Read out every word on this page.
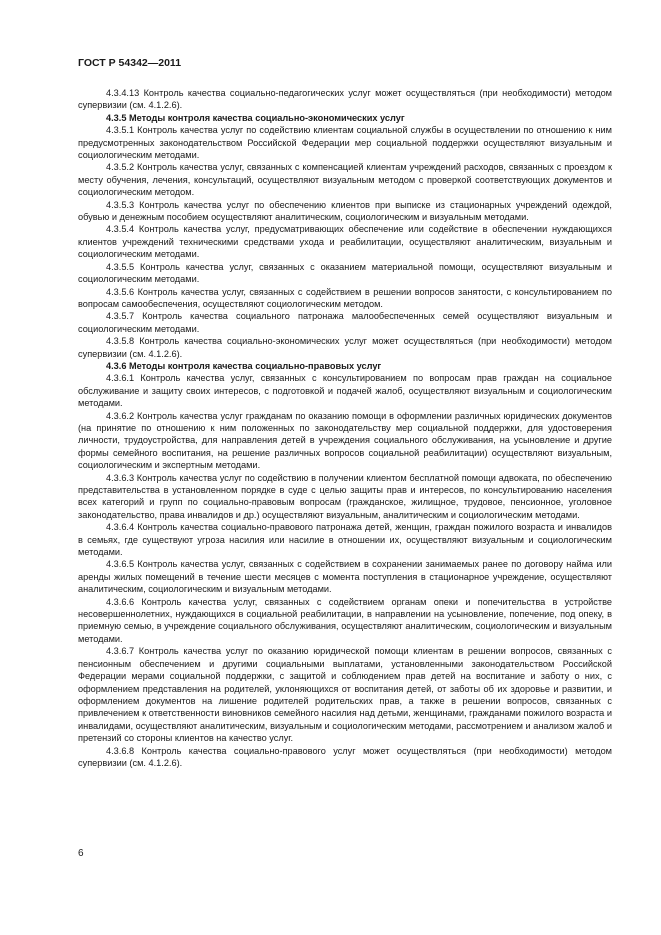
ГОСТ Р 54342—2011

4.3.4.13 Контроль качества социально-педагогических услуг может осуществляться (при необходимости) методом супервизии (см. 4.1.2.6).

4.3.5 Методы контроля качества социально-экономических услуг

4.3.5.1 Контроль качества услуг по содействию клиентам социальной службы в осуществлении по отношению к ним предусмотренных законодательством Российской Федерации мер социальной поддержки осуществляют визуальным и социологическим методами.

4.3.5.2 Контроль качества услуг, связанных с компенсацией клиентам учреждений расходов, связанных с проездом к месту обучения, лечения, консультаций, осуществляют визуальным методом с проверкой соответствующих документов и социологическим методом.

4.3.5.3 Контроль качества услуг по обеспечению клиентов при выписке из стационарных учреждений одеждой, обувью и денежным пособием осуществляют аналитическим, социологическим и визуальным методами.

4.3.5.4 Контроль качества услуг, предусматривающих обеспечение или содействие в обеспечении нуждающихся клиентов учреждений техническими средствами ухода и реабилитации, осуществляют аналитическим, визуальным и социологическим методами.

4.3.5.5 Контроль качества услуг, связанных с оказанием материальной помощи, осуществляют визуальным и социологическим методами.

4.3.5.6 Контроль качества услуг, связанных с содействием в решении вопросов занятости, с консультированием по вопросам самообеспечения, осуществляют социологическим методом.

4.3.5.7 Контроль качества социального патронажа малообеспеченных семей осуществляют визуальным и социологическим методами.

4.3.5.8 Контроль качества социально-экономических услуг может осуществляться (при необходимости) методом супервизии (см. 4.1.2.6).

4.3.6 Методы контроля качества социально-правовых услуг

4.3.6.1 Контроль качества услуг, связанных с консультированием по вопросам прав граждан на социальное обслуживание и защиту своих интересов, с подготовкой и подачей жалоб, осуществляют визуальным и социологическим методами.

4.3.6.2 Контроль качества услуг гражданам по оказанию помощи в оформлении различных юридических документов (на принятие по отношению к ним положенных по законодательству мер социальной поддержки, для удостоверения личности, трудоустройства, для направления детей в учреждения социального обслуживания, на усыновление и другие формы семейного воспитания, на решение различных вопросов социальной реабилитации) осуществляют визуальным, социологическим и экспертным методами.

4.3.6.3 Контроль качества услуг по содействию в получении клиентом бесплатной помощи адвоката, по обеспечению представительства в установленном порядке в суде с целью защиты прав и интересов, по консультированию населения всех категорий и групп по социально-правовым вопросам (гражданское, жилищное, трудовое, пенсионное, уголовное законодательство, права инвалидов и др.) осуществляют визуальным, аналитическим и социологическим методами.

4.3.6.4 Контроль качества социально-правового патронажа детей, женщин, граждан пожилого возраста и инвалидов в семьях, где существуют угроза насилия или насилие в отношении их, осуществляют визуальным и социологическим методами.

4.3.6.5 Контроль качества услуг, связанных с содействием в сохранении занимаемых ранее по договору найма или аренды жилых помещений в течение шести месяцев с момента поступления в стационарное учреждение, осуществляют аналитическим, социологическим и визуальным методами.

4.3.6.6 Контроль качества услуг, связанных с содействием органам опеки и попечительства в устройстве несовершеннолетних, нуждающихся в социальной реабилитации, в направлении на усыновление, попечение, под опеку, в приемную семью, в учреждение социального обслуживания, осуществляют аналитическим, социологическим и визуальным методами.

4.3.6.7 Контроль качества услуг по оказанию юридической помощи клиентам в решении вопросов, связанных с пенсионным обеспечением и другими социальными выплатами, установленными законодательством Российской Федерации мерами социальной поддержки, с защитой и соблюдением прав детей на воспитание и заботу о них, с оформлением представления на родителей, уклоняющихся от воспитания детей, от заботы об их здоровье и развитии, и оформлением документов на лишение родителей родительских прав, а также в решении вопросов, связанных с привлечением к ответственности виновников семейного насилия над детьми, женщинами, гражданами пожилого возраста и инвалидами, осуществляют аналитическим, визуальным и социологическим методами, рассмотрением и анализом жалоб и претензий со стороны клиентов на качество услуг.

4.3.6.8 Контроль качества социально-правового услуг может осуществляться (при необходимости) методом супервизии (см. 4.1.2.6).

6
